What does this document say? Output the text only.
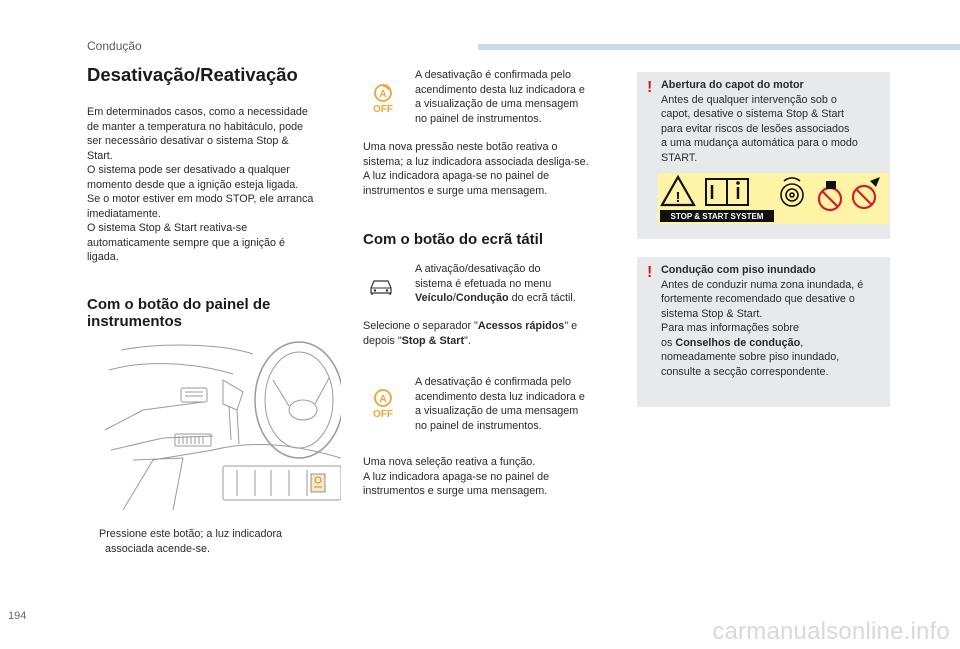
Condução
194
carmanualsonline.info
Desativação/Reativação
Em determinados casos, como a necessidade
de manter a temperatura no habitáculo, pode
ser necessário desativar o sistema Stop &
Start.
O sistema pode ser desativado a qualquer
momento desde que a ignição esteja ligada.
Se o motor estiver em modo STOP, ele arranca
imediatamente.
O sistema Stop & Start reativa-se
automaticamente sempre que a ignição é
ligada.
Com o botão do painel de
instrumentos
Pressione este botão; a luz indicadora
associada acende-se.
A
OFF
A desativação é confirmada pelo
acendimento desta luz indicadora e
a visualização de uma mensagem
no painel de instrumentos.
Uma nova pressão neste botão reativa o
sistema; a luz indicadora associada desliga-se.
A luz indicadora apaga-se no painel de
instrumentos e surge uma mensagem.
Com o botão do ecrã tátil
A ativação/desativação do
sistema é efetuada no menu
Veículo/Condução do ecrã táctil.
Selecione o separador "Acessos rápidos" e
depois "Stop & Start".
A
OFF
A desativação é confirmada pelo
acendimento desta luz indicadora e
a visualização de uma mensagem
no painel de instrumentos.
Uma nova seleção reativa a função.
A luz indicadora apaga-se no painel de
instrumentos e surge uma mensagem.
! Abertura do capot do motor
Antes de qualquer intervenção sob o
capot, desative o sistema Stop & Start
para evitar riscos de lesões associados
a uma mudança automática para o modo
START.
!
STOP & START SYSTEM
! Condução com piso inundado
Antes de conduzir numa zona inundada, é
fortemente recomendado que desative o
sistema Stop & Start.
Para mas informações sobre
os Conselhos de condução,
nomeadamente sobre piso inundado,
consulte a secção correspondente.
